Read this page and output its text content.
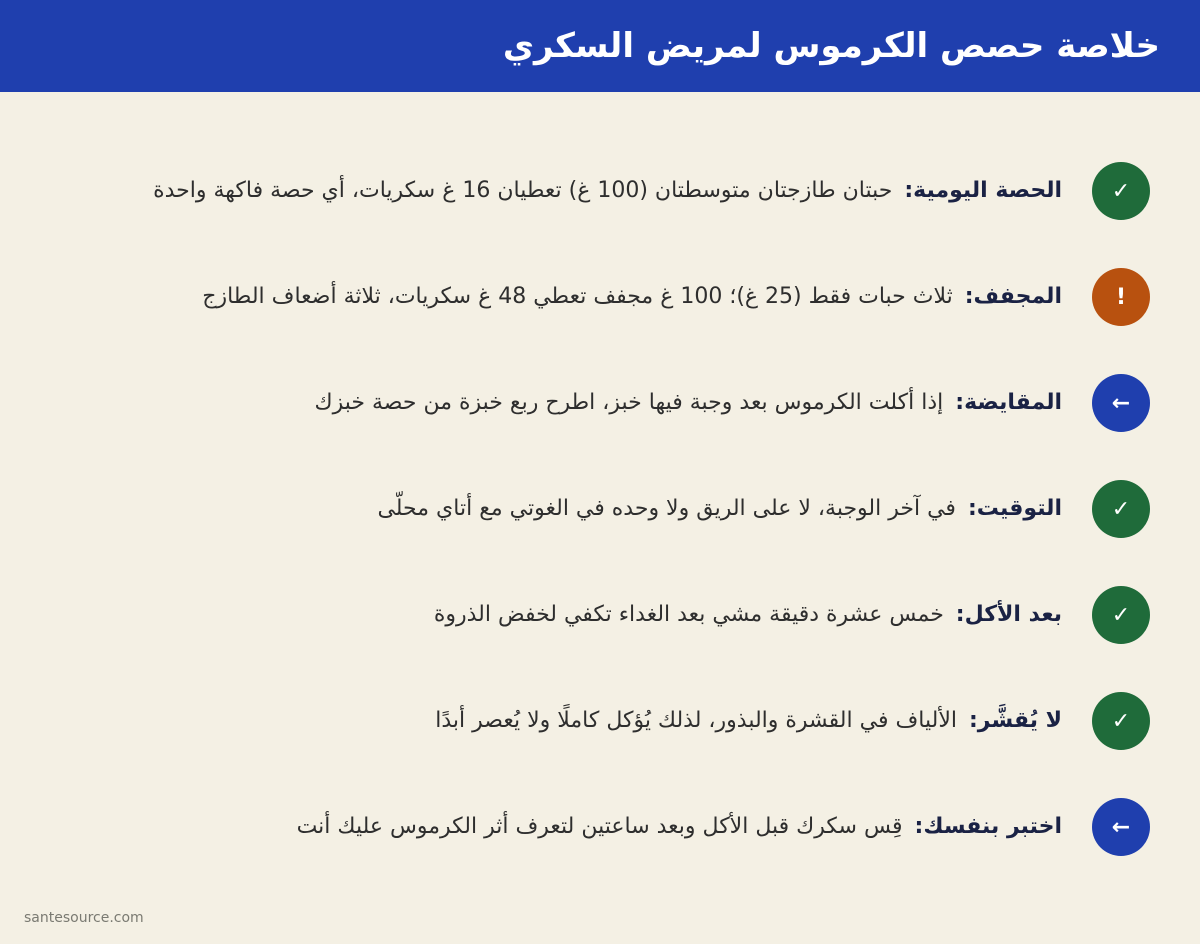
خلاصة حصص الكرموس لمريض السكري
✓
الحصة اليومية:
حبتان طازجتان متوسطتان (100 غ) تعطيان 16 غ سكريات، أي حصة فاكهة واحدة
!
المجفف:
ثلاث حبات فقط (25 غ)؛ 100 غ مجفف تعطي 48 غ سكريات، ثلاثة أضعاف الطازج
←
المقايضة:
إذا أكلت الكرموس بعد وجبة فيها خبز، اطرح ربع خبزة من حصة خبزك
✓
التوقيت:
في آخر الوجبة، لا على الريق ولا وحده في الغوتي مع أتاي محلّى
✓
بعد الأكل:
خمس عشرة دقيقة مشي بعد الغداء تكفي لخفض الذروة
✓
لا يُقشَّر:
الألياف في القشرة والبذور، لذلك يُؤكل كاملًا ولا يُعصر أبدًا
←
اختبر بنفسك:
قِس سكرك قبل الأكل وبعد ساعتين لتعرف أثر الكرموس عليك أنت
santesource.com
